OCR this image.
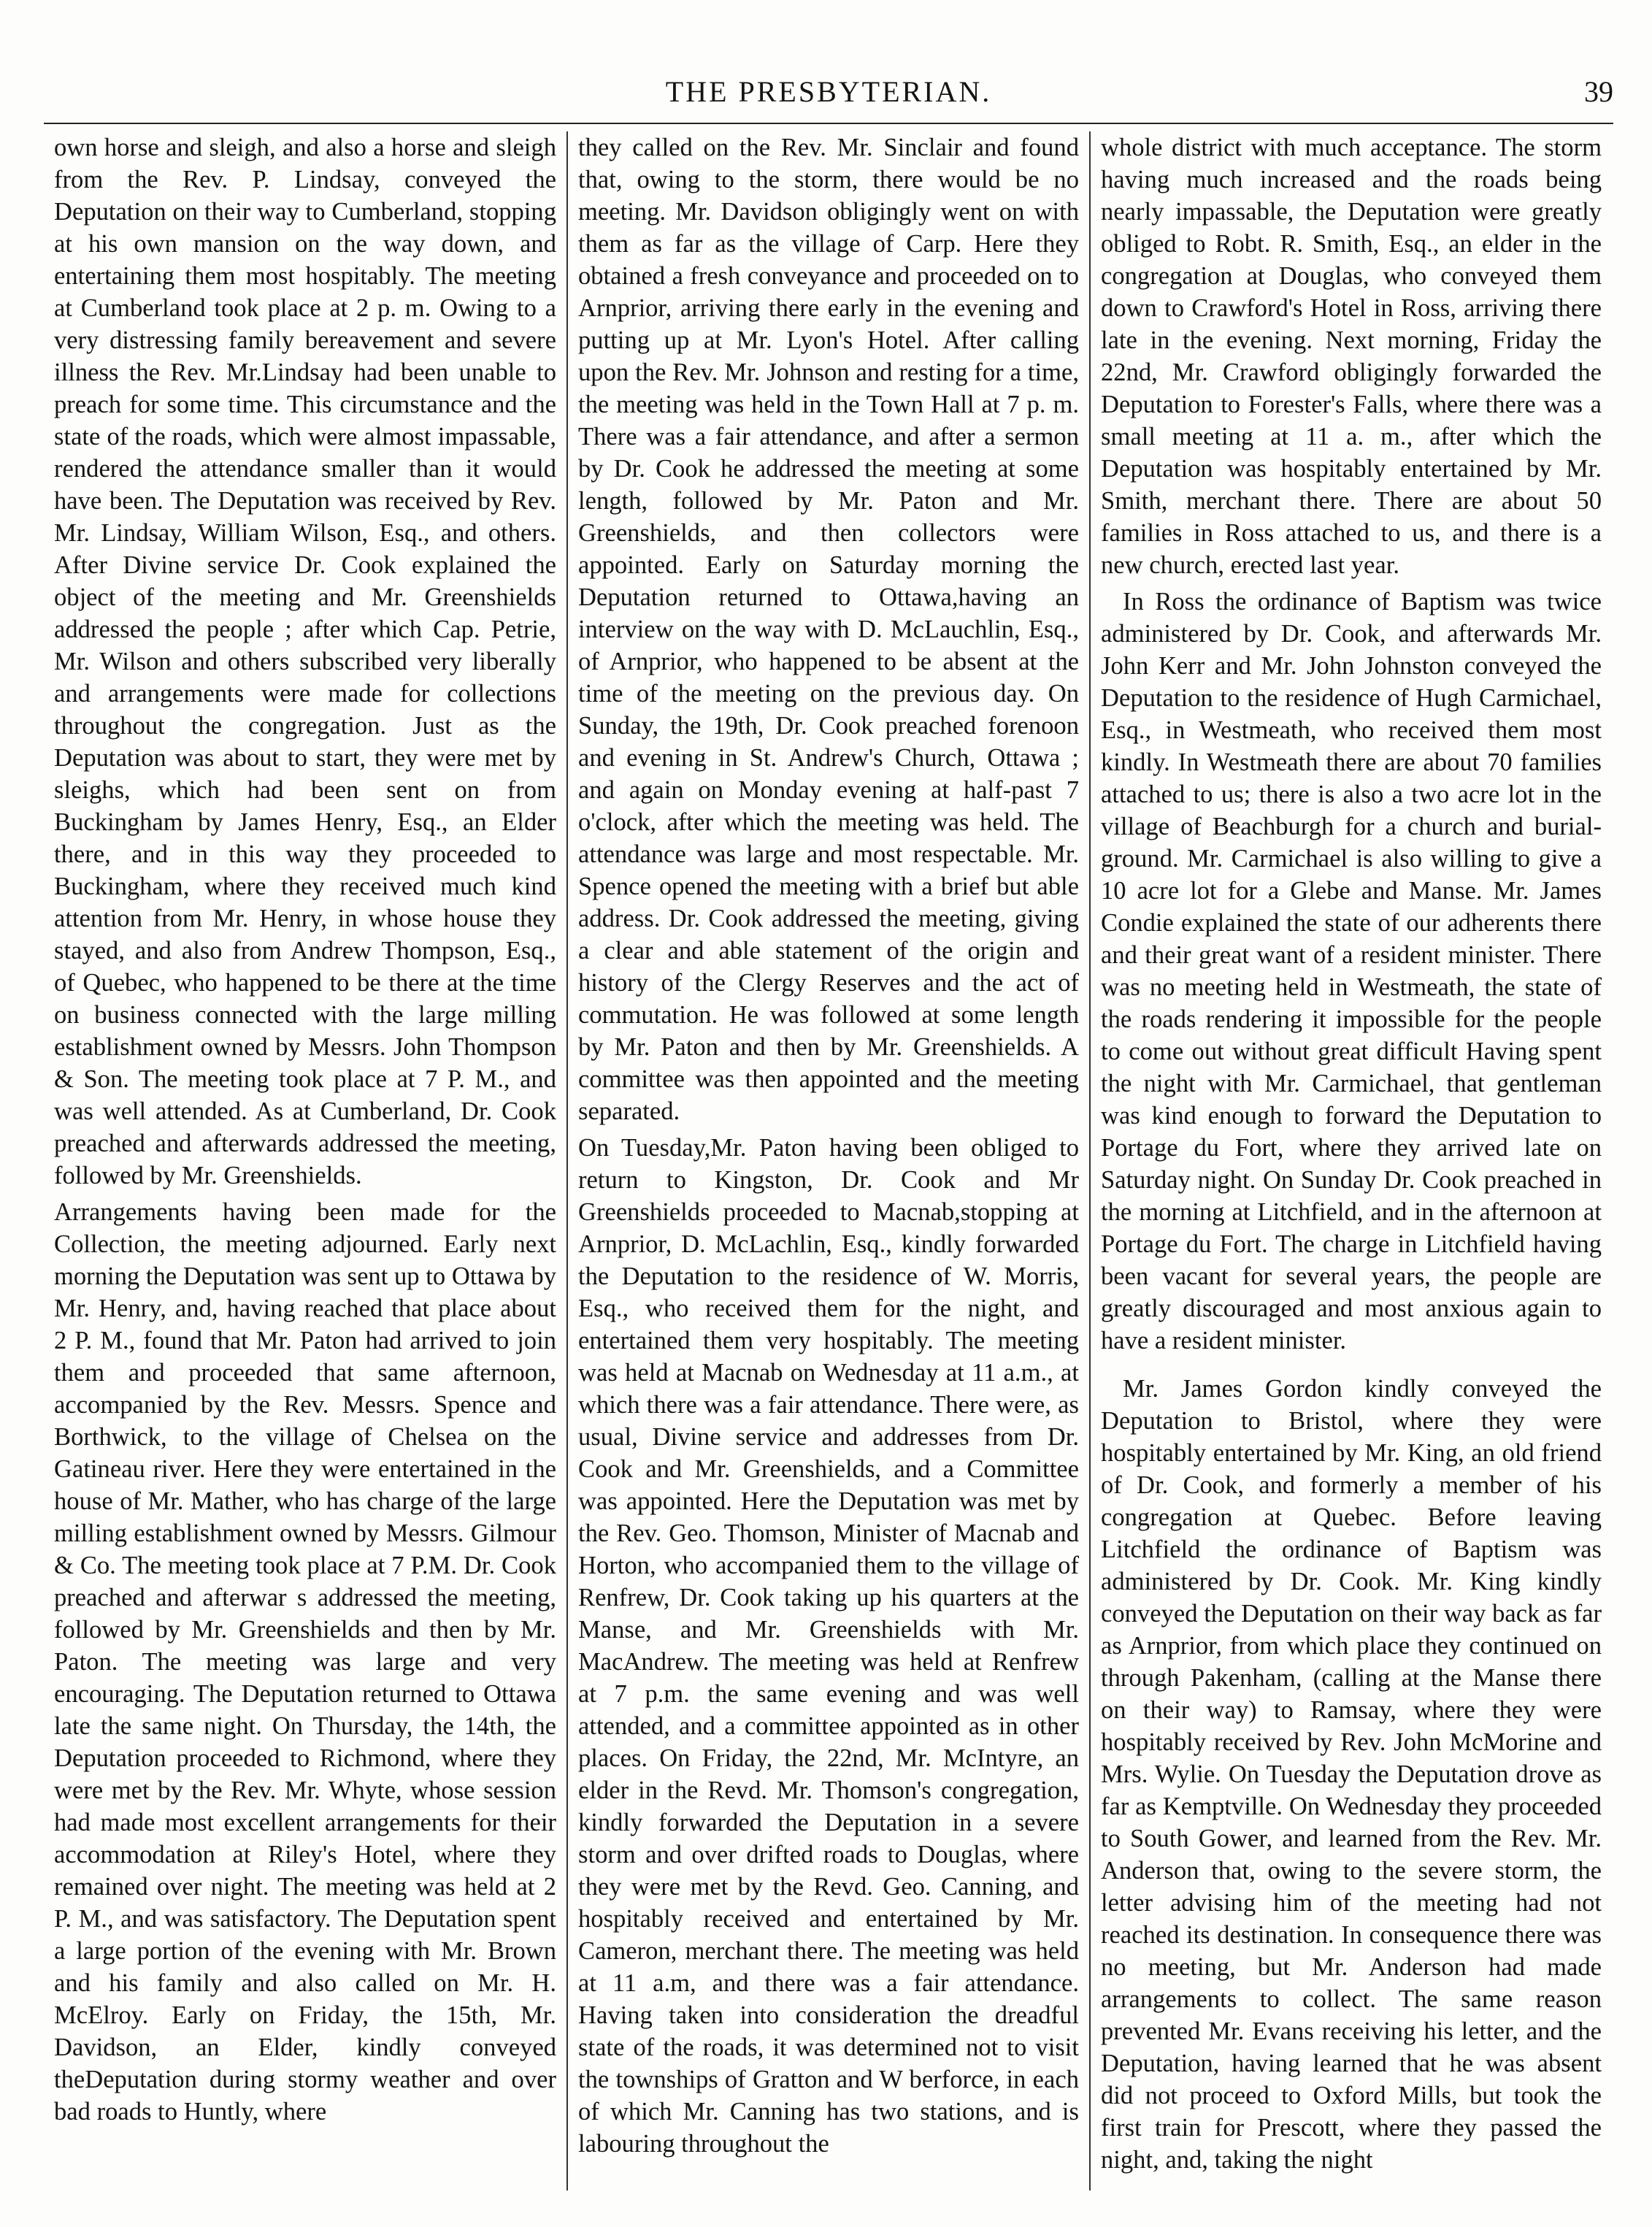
THE PRESBYTERIAN.	39

own horse and sleigh, and also a horse and sleigh from the Rev. P. Lindsay, conveyed the Deputation on their way to Cumberland, stopping at his own mansion on the way down, and entertaining them most hospitably. The meeting at Cumberland took place at 2 p. m. Owing to a very distressing family bereavement and severe illness the Rev. Mr.Lindsay had been unable to preach for some time. This circumstance and the state of the roads, which were almost impassable, rendered the attendance smaller than it would have been. The Deputation was received by Rev. Mr. Lindsay, William Wilson, Esq., and others. After Divine service Dr. Cook explained the object of the meeting and Mr. Greenshields addressed the people ; after which Cap. Petrie, Mr. Wilson and others subscribed very liberally and arrangements were made for collections throughout the congregation. Just as the Deputation was about to start, they were met by sleighs, which had been sent on from Buckingham by James Henry, Esq., an Elder there, and in this way they proceeded to Buckingham, where they received much kind attention from Mr. Henry, in whose house they stayed, and also from Andrew Thompson, Esq., of Quebec, who happened to be there at the time on business connected with the large milling establishment owned by Messrs. John Thompson & Son. The meeting took place at 7 P. M., and was well attended. As at Cumberland, Dr. Cook preached and afterwards addressed the meeting, followed by Mr. Greenshields.

Arrangements having been made for the Collection, the meeting adjourned. Early next morning the Deputation was sent up to Ottawa by Mr. Henry, and, having reached that place about 2 P. M., found that Mr. Paton had arrived to join them and proceeded that same afternoon, accompanied by the Rev. Messrs. Spence and Borthwick, to the village of Chelsea on the Gatineau river. Here they were entertained in the house of Mr. Mather, who has charge of the large milling establishment owned by Messrs. Gilmour & Co. The meeting took place at 7 P.M. Dr. Cook preached and afterwar s addressed the meeting, followed by Mr. Greenshields and then by Mr. Paton. The meeting was large and very encouraging. The Deputation returned to Ottawa late the same night. On Thursday, the 14th, the Deputation proceeded to Richmond, where they were met by the Rev. Mr. Whyte, whose session had made most excellent arrangements for their accommodation at Riley's Hotel, where they remained over night. The meeting was held at 2 P. M., and was satisfactory. The Deputation spent a large portion of the evening with Mr. Brown and his family and also called on Mr. H. McElroy. Early on Friday, the 15th, Mr. Davidson, an Elder, kindly conveyed theDeputation during stormy weather and over bad roads to Huntly, where

they called on the Rev. Mr. Sinclair and found that, owing to the storm, there would be no meeting. Mr. Davidson obligingly went on with them as far as the village of Carp. Here they obtained a fresh conveyance and proceeded on to Arnprior, arriving there early in the evening and putting up at Mr. Lyon's Hotel. After calling upon the Rev. Mr. Johnson and resting for a time, the meeting was held in the Town Hall at 7 p. m. There was a fair attendance, and after a sermon by Dr. Cook he addressed the meeting at some length, followed by Mr. Paton and Mr. Greenshields, and then collectors were appointed. Early on Saturday morning the Deputation returned to Ottawa,having an interview on the way with D. McLauchlin, Esq., of Arnprior, who happened to be absent at the time of the meeting on the previous day. On Sunday, the 19th, Dr. Cook preached forenoon and evening in St. Andrew's Church, Ottawa ; and again on Monday evening at half-past 7 o'clock, after which the meeting was held. The attendance was large and most respectable. Mr. Spence opened the meeting with a brief but able address. Dr. Cook addressed the meeting, giving a clear and able statement of the origin and history of the Clergy Reserves and the act of commutation. He was followed at some length by Mr. Paton and then by Mr. Greenshields. A committee was then appointed and the meeting separated.

On Tuesday,Mr. Paton having been obliged to return to Kingston, Dr. Cook and Mr Greenshields proceeded to Macnab,stopping at Arnprior, D. McLachlin, Esq., kindly forwarded the Deputation to the residence of W. Morris, Esq., who received them for the night, and entertained them very hospitably. The meeting was held at Macnab on Wednesday at 11 a.m., at which there was a fair attendance. There were, as usual, Divine service and addresses from Dr. Cook and Mr. Greenshields, and a Committee was appointed. Here the Deputation was met by the Rev. Geo. Thomson, Minister of Macnab and Horton, who accompanied them to the village of Renfrew, Dr. Cook taking up his quarters at the Manse, and Mr. Greenshields with Mr. MacAndrew. The meeting was held at Renfrew at 7 p.m. the same evening and was well attended, and a committee appointed as in other places. On Friday, the 22nd, Mr. McIntyre, an elder in the Revd. Mr. Thomson's congregation, kindly forwarded the Deputation in a severe storm and over drifted roads to Douglas, where they were met by the Revd. Geo. Canning, and hospitably received and entertained by Mr. Cameron, merchant there. The meeting was held at 11 a.m, and there was a fair attendance. Having taken into consideration the dreadful state of the roads, it was determined not to visit the townships of Gratton and W berforce, in each of which Mr. Canning has two stations, and is labouring throughout the

whole district with much acceptance. The storm having much increased and the roads being nearly impassable, the Deputation were greatly obliged to Robt. R. Smith, Esq., an elder in the congregation at Douglas, who conveyed them down to Crawford's Hotel in Ross, arriving there late in the evening. Next morning, Friday the 22nd, Mr. Crawford obligingly forwarded the Deputation to Forester's Falls, where there was a small meeting at 11 a. m., after which the Deputation was hospitably entertained by Mr. Smith, merchant there. There are about 50 families in Ross attached to us, and there is a new church, erected last year.

In Ross the ordinance of Baptism was twice administered by Dr. Cook, and afterwards Mr. John Kerr and Mr. John Johnston conveyed the Deputation to the residence of Hugh Carmichael, Esq., in Westmeath, who received them most kindly. In Westmeath there are about 70 families attached to us; there is also a two acre lot in the village of Beachburgh for a church and burial-ground. Mr. Carmichael is also willing to give a 10 acre lot for a Glebe and Manse. Mr. James Condie explained the state of our adherents there and their great want of a resident minister. There was no meeting held in Westmeath, the state of the roads rendering it impossible for the people to come out without great difficult Having spent the night with Mr. Carmichael, that gentleman was kind enough to forward the Deputation to Portage du Fort, where they arrived late on Saturday night. On Sunday Dr. Cook preached in the morning at Litchfield, and in the afternoon at Portage du Fort. The charge in Litchfield having been vacant for several years, the people are greatly discouraged and most anxious again to have a resident minister.

Mr. James Gordon kindly conveyed the Deputation to Bristol, where they were hospitably entertained by Mr. King, an old friend of Dr. Cook, and formerly a member of his congregation at Quebec. Before leaving Litchfield the ordinance of Baptism was administered by Dr. Cook. Mr. King kindly conveyed the Deputation on their way back as far as Arnprior, from which place they continued on through Pakenham, (calling at the Manse there on their way) to Ramsay, where they were hospitably received by Rev. John McMorine and Mrs. Wylie. On Tuesday the Deputation drove as far as Kemptville. On Wednesday they proceeded to South Gower, and learned from the Rev. Mr. Anderson that, owing to the severe storm, the letter advising him of the meeting had not reached its destination. In consequence there was no meeting, but Mr. Anderson had made arrangements to collect. The same reason prevented Mr. Evans receiving his letter, and the Deputation, having learned that he was absent did not proceed to Oxford Mills, but took the first train for Prescott, where they passed the night, and, taking the night
